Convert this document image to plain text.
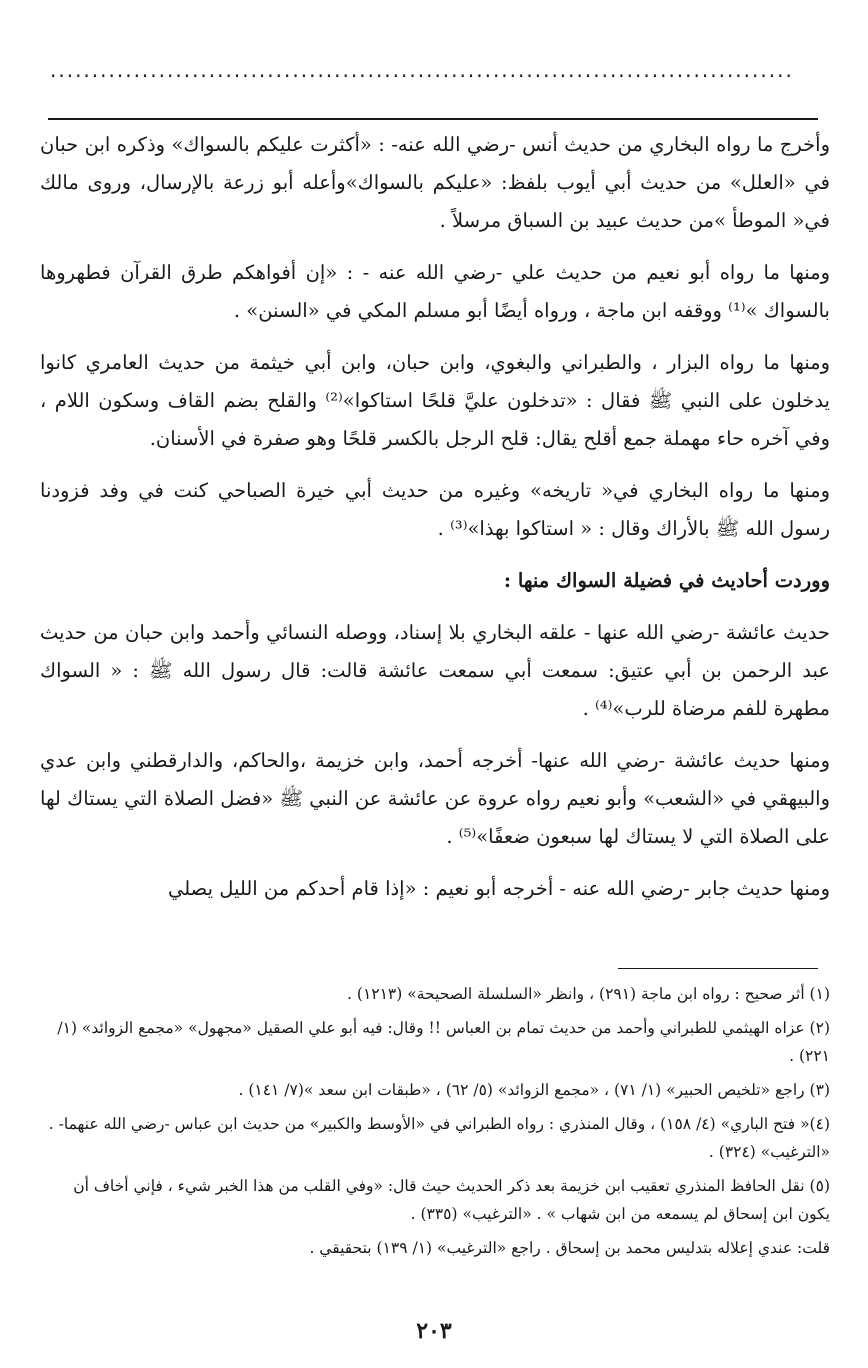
.........................................................................................

وأخرج ما رواه البخاري من حديث أنس -رضي الله عنه- : «أكثرت عليكم بالسواك» وذكره ابن حبان في «العلل» من حديث أبي أيوب بلفظ: «عليكم بالسواك»وأعله أبو زرعة بالإرسال، وروى مالك في« الموطأ »من حديث عبيد بن السباق مرسلاً .

ومنها ما رواه أبو نعيم من حديث علي -رضي الله عنه - : «إن أفواهكم طرق القرآن فطهروها بالسواك »⁽¹⁾ ووقفه ابن ماجة ، ورواه أيضًا أبو مسلم المكي في «السنن» .

ومنها ما رواه البزار ، والطبراني والبغوي، وابن حبان، وابن أبي خيثمة من حديث العامري كانوا يدخلون على النبي ﷺ فقال : «تدخلون عليَّ قلحًا استاكوا»⁽²⁾ والقلح بضم القاف وسكون اللام ، وفي آخره حاء مهملة جمع أقلح يقال: قلح الرجل بالكسر قلحًا وهو صفرة في الأسنان.

ومنها ما رواه البخاري في« تاريخه» وغيره من حديث أبي خيرة الصباحي كنت في وفد فزودنا رسول الله ﷺ بالأراك وقال : « استاكوا بهذا»⁽³⁾ .

ووردت أحاديث في فضيلة السواك منها :

حديث عائشة -رضي الله عنها - علقه البخاري بلا إسناد، ووصله النسائي وأحمد وابن حبان من حديث عبد الرحمن بن أبي عتيق: سمعت أبي سمعت عائشة قالت: قال رسول الله ﷺ : « السواك مطهرة للفم مرضاة للرب»⁽⁴⁾ .

ومنها حديث عائشة -رضي الله عنها- أخرجه أحمد، وابن خزيمة ،والحاكم، والدارقطني وابن عدي والبيهقي في «الشعب» وأبو نعيم رواه عروة عن عائشة عن النبي ﷺ «فضل الصلاة التي يستاك لها على الصلاة التي لا يستاك لها سبعون ضعفًا»⁽⁵⁾ .

ومنها حديث جابر -رضي الله عنه - أخرجه أبو نعيم : «إذا قام أحدكم من الليل يصلي

(١) أثر صحيح : رواه ابن ماجة (٢٩١) ، وانظر «السلسلة الصحيحة» (١٢١٣) .

(٢) عزاه الهيثمي للطبراني وأحمد من حديث تمام بن العباس !! وقال: فيه أبو علي الصقيل «مجهول» «مجمع الزوائد» (١/ ٢٢١) .

(٣) راجع «تلخيص الحبير» (١/ ٧١) ، «مجمع الزوائد» (٥/ ٦٢) ، «طبقات ابن سعد »(٧/ ١٤١) .

(٤)« فتح الباري» (٤/ ١٥٨) ، وقال المنذري : رواه الطبراني في «الأوسط والكبير» من حديث ابن عباس -رضي الله عنهما- . «الترغيب» (٣٢٤) .

(٥) نقل الحافظ المنذري تعقيب ابن خزيمة بعد ذكر الحديث حيث قال: «وفي القلب من هذا الخبر شيء ، فإني أخاف أن يكون ابن إسحاق لم يسمعه من ابن شهاب » . «الترغيب» (٣٣٥) .

قلت: عندي إعلاله بتدليس محمد بن إسحاق . راجع «الترغيب» (١/ ١٣٩) بتحقيقي .

٢٠٣
